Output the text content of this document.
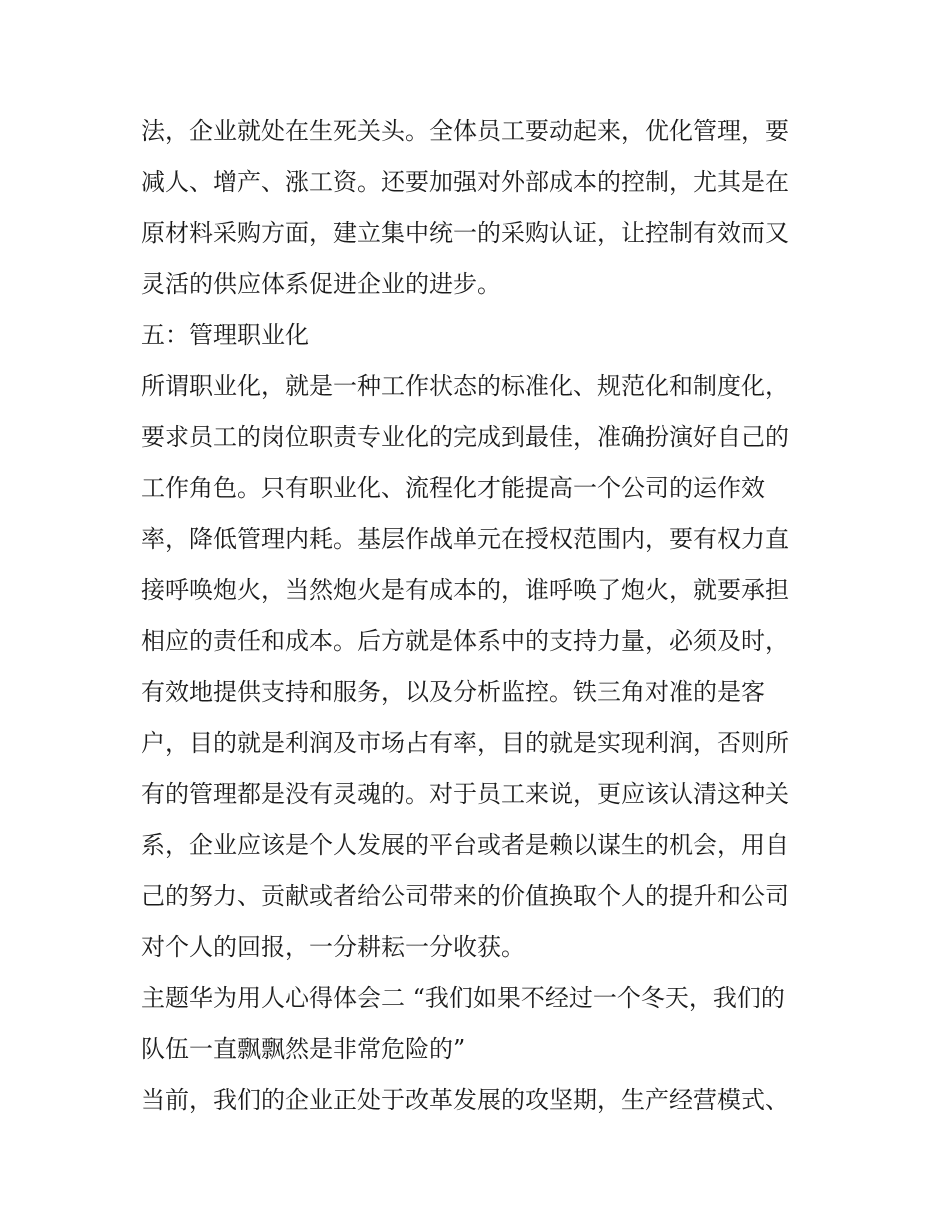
法，企业就处在生死关头。全体员工要动起来，优化管理，要
减人、增产、涨工资。还要加强对外部成本的控制，尤其是在
原材料采购方面，建立集中统一的采购认证，让控制有效而又
灵活的供应体系促进企业的进步。
五：管理职业化
所谓职业化，就是一种工作状态的标准化、规范化和制度化，
要求员工的岗位职责专业化的完成到最佳，准确扮演好自己的
工作角色。只有职业化、流程化才能提高一个公司的运作效
率，降低管理内耗。基层作战单元在授权范围内，要有权力直
接呼唤炮火，当然炮火是有成本的，谁呼唤了炮火，就要承担
相应的责任和成本。后方就是体系中的支持力量，必须及时，
有效地提供支持和服务，以及分析监控。铁三角对准的是客
户，目的就是利润及市场占有率，目的就是实现利润，否则所
有的管理都是没有灵魂的。对于员工来说，更应该认清这种关
系，企业应该是个人发展的平台或者是赖以谋生的机会，用自
己的努力、贡献或者给公司带来的价值换取个人的提升和公司
对个人的回报，一分耕耘一分收获。
主题华为用人心得体会二 “我们如果不经过一个冬天，我们的
队伍一直飘飘然是非常危险的”
当前，我们的企业正处于改革发展的攻坚期，生产经营模式、
